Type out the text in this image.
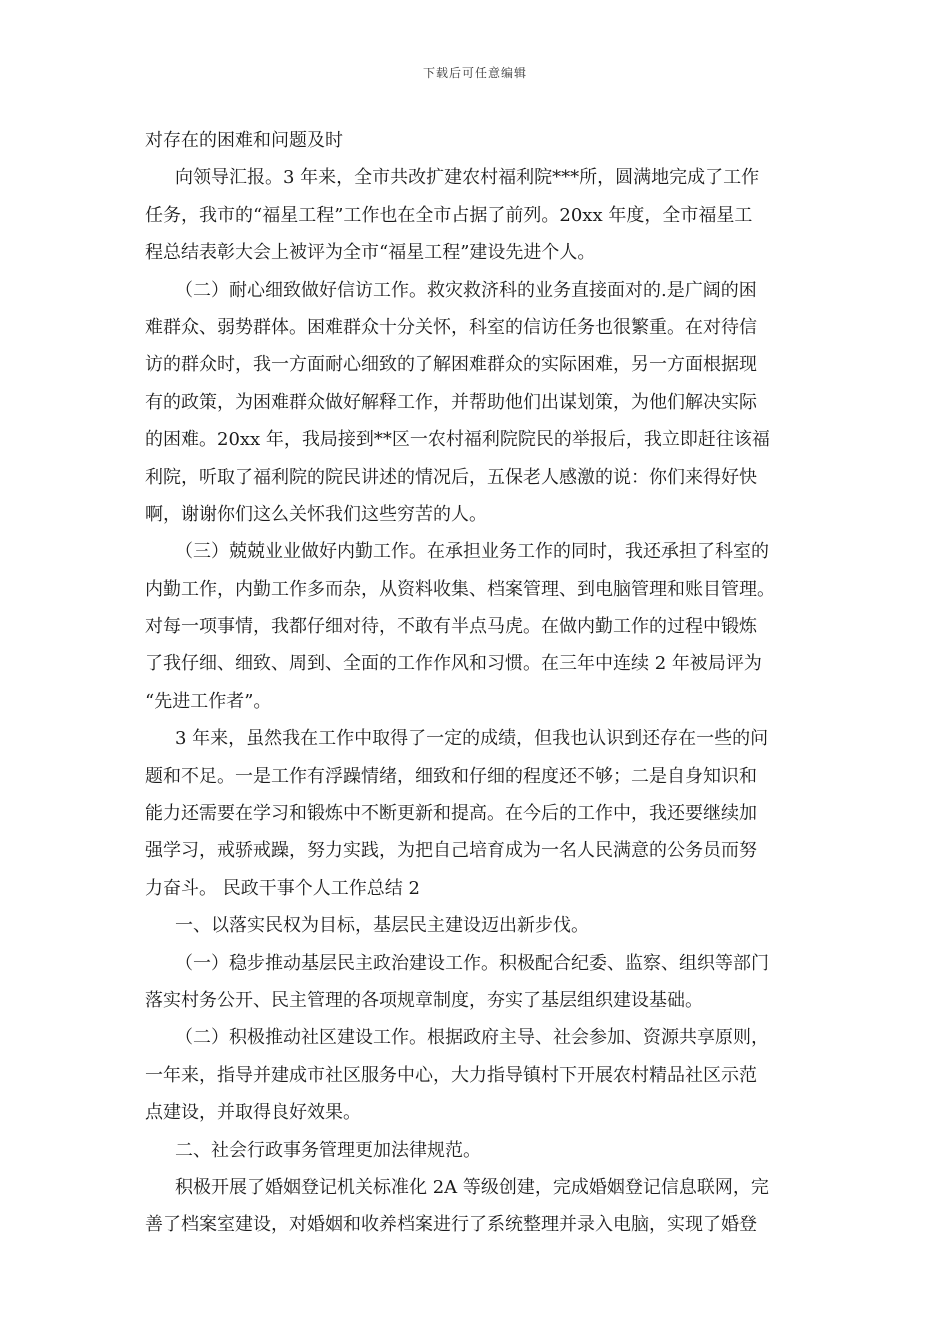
下载后可任意编辑
对存在的困难和问题及时
向领导汇报。3 年来，全市共改扩建农村福利院***所，圆满地完成了工作
任务，我市的“福星工程”工作也在全市占据了前列。20xx 年度，全市福星工
程总结表彰大会上被评为全市“福星工程”建设先进个人。
（二）耐心细致做好信访工作。救灾救济科的业务直接面对的.是广阔的困
难群众、弱势群体。困难群众十分关怀，科室的信访任务也很繁重。在对待信
访的群众时，我一方面耐心细致的了解困难群众的实际困难，另一方面根据现
有的政策，为困难群众做好解释工作，并帮助他们出谋划策，为他们解决实际
的困难。20xx 年，我局接到**区一农村福利院院民的举报后，我立即赶往该福
利院，听取了福利院的院民讲述的情况后，五保老人感激的说：你们来得好快
啊，谢谢你们这么关怀我们这些穷苦的人。
（三）兢兢业业做好内勤工作。在承担业务工作的同时，我还承担了科室的
内勤工作，内勤工作多而杂，从资料收集、档案管理、到电脑管理和账目管理。
对每一项事情，我都仔细对待，不敢有半点马虎。在做内勤工作的过程中锻炼
了我仔细、细致、周到、全面的工作作风和习惯。在三年中连续 2 年被局评为
“先进工作者”。
3 年来，虽然我在工作中取得了一定的成绩，但我也认识到还存在一些的问
题和不足。一是工作有浮躁情绪，细致和仔细的程度还不够；二是自身知识和
能力还需要在学习和锻炼中不断更新和提高。在今后的工作中，我还要继续加
强学习，戒骄戒躁，努力实践，为把自己培育成为一名人民满意的公务员而努
力奋斗。 民政干事个人工作总结 2
一、以落实民权为目标，基层民主建设迈出新步伐。
（一）稳步推动基层民主政治建设工作。积极配合纪委、监察、组织等部门
落实村务公开、民主管理的各项规章制度，夯实了基层组织建设基础。
（二）积极推动社区建设工作。根据政府主导、社会参加、资源共享原则，
一年来，指导并建成市社区服务中心，大力指导镇村下开展农村精品社区示范
点建设，并取得良好效果。
二、社会行政事务管理更加法律规范。
积极开展了婚姻登记机关标准化 2A 等级创建，完成婚姻登记信息联网，完
善了档案室建设，对婚姻和收养档案进行了系统整理并录入电脑，实现了婚登
